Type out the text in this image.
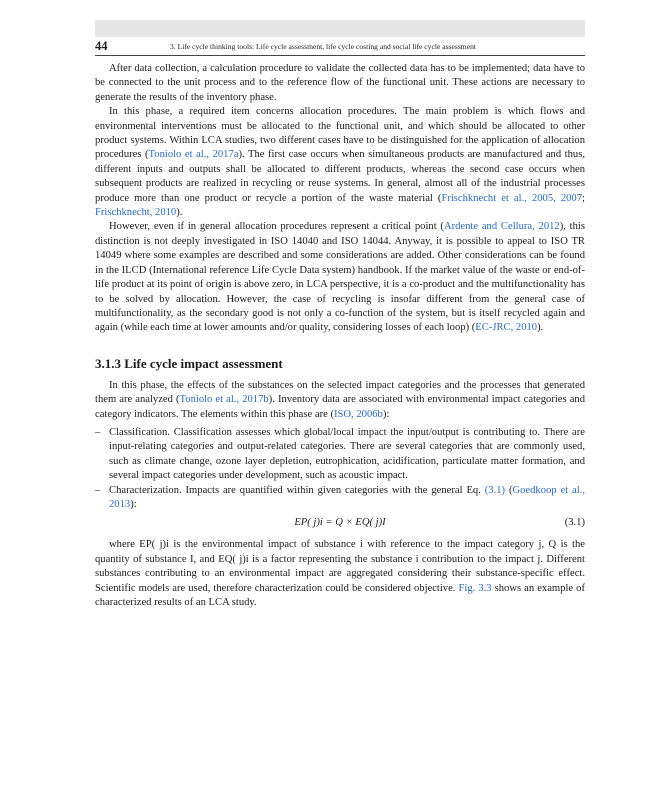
44	3. Life cycle thinking tools: Life cycle assessment, life cycle costing and social life cycle assessment

After data collection, a calculation procedure to validate the collected data has to be implemented; data have to be connected to the unit process and to the reference flow of the functional unit. These actions are necessary to generate the results of the inventory phase.

In this phase, a required item concerns allocation procedures. The main problem is which flows and environmental interventions must be allocated to the functional unit, and which should be allocated to other product systems. Within LCA studies, two different cases have to be distinguished for the application of allocation procedures (Toniolo et al., 2017a). The first case occurs when simultaneous products are manufactured and thus, different inputs and outputs shall be allocated to different products, whereas the second case occurs when subsequent products are realized in recycling or reuse systems. In general, almost all of the industrial processes produce more than one product or recycle a portion of the waste material (Frischknecht et al., 2005, 2007; Frischknecht, 2010).

However, even if in general allocation procedures represent a critical point (Ardente and Cellura, 2012), this distinction is not deeply investigated in ISO 14040 and ISO 14044. Anyway, it is possible to appeal to ISO TR 14049 where some examples are described and some considerations are added. Other considerations can be found in the ILCD (International reference Life Cycle Data system) handbook. If the market value of the waste or end-of-life product at its point of origin is above zero, in LCA perspective, it is a co-product and the multifunctionality has to be solved by allocation. However, the case of recycling is insofar different from the general case of multifunctionality, as the secondary good is not only a co-function of the system, but is itself recycled again and again (while each time at lower amounts and/or quality, considering losses of each loop) (EC-JRC, 2010).

3.1.3 Life cycle impact assessment

In this phase, the effects of the substances on the selected impact categories and the processes that generated them are analyzed (Toniolo et al., 2017b). Inventory data are associated with environmental impact categories and category indicators. The elements within this phase are (ISO, 2006b):

– Classification. Classification assesses which global/local impact the input/output is contributing to. There are input-relating categories and output-related categories. There are several categories that are commonly used, such as climate change, ozone layer depletion, eutrophication, acidification, particulate matter formation, and several impact categories under development, such as acoustic impact.
– Characterization. Impacts are quantified within given categories with the general Eq. (3.1) (Goedkoop et al., 2013):
EP( j)i = Q × EQ( j)I	(3.1)

where EP( j)i is the environmental impact of substance i with reference to the impact category j, Q is the quantity of substance I, and EQ( j)i is a factor representing the substance i contribution to the impact j. Different substances contributing to an environmental impact are aggregated considering their substance-specific effect. Scientific models are used, therefore characterization could be considered objective. Fig. 3.3 shows an example of characterized results of an LCA study.
